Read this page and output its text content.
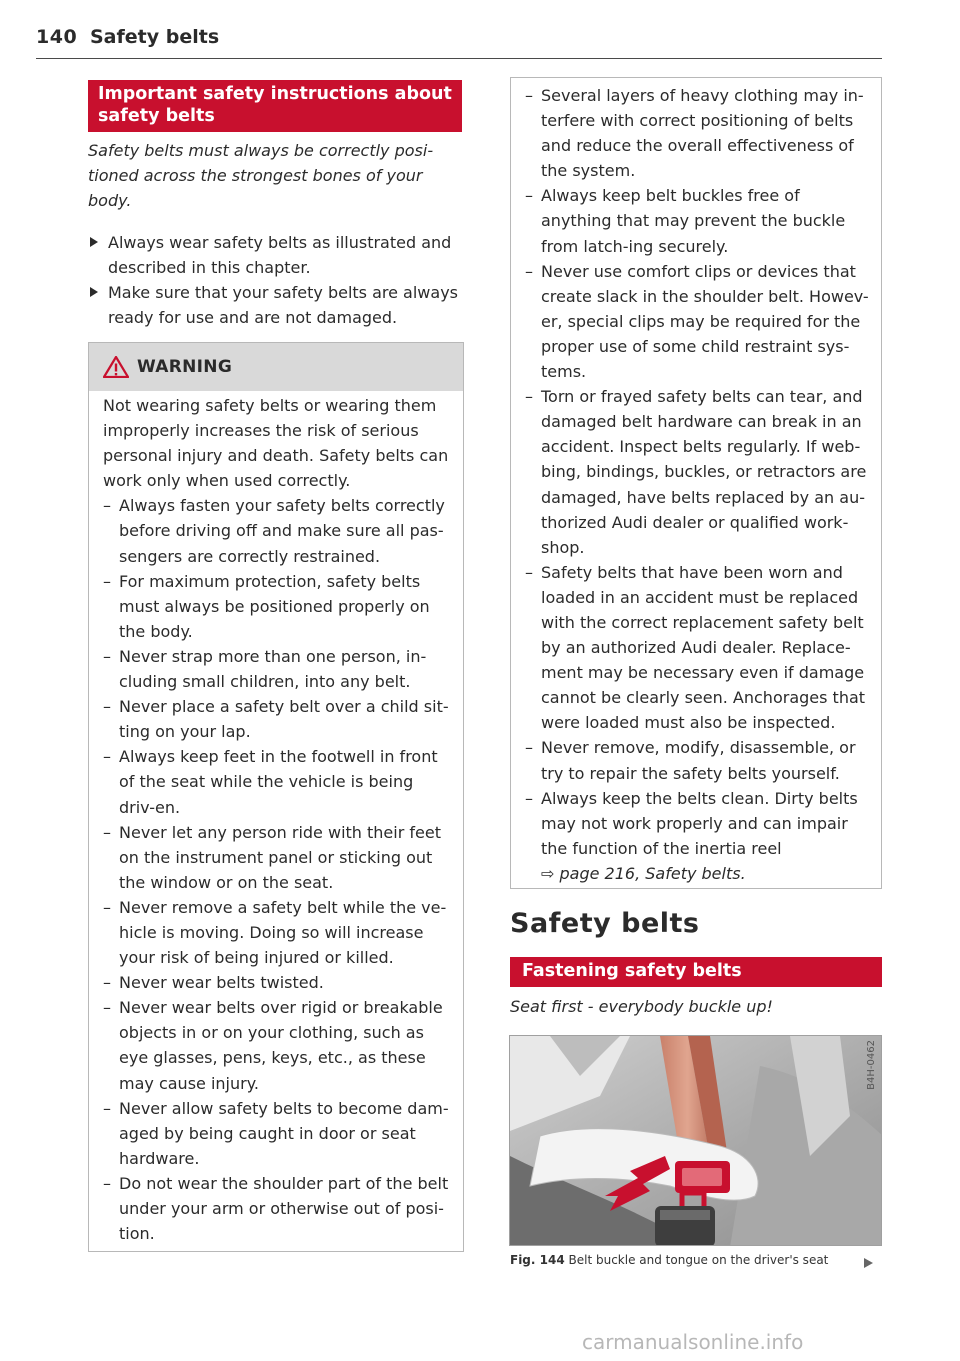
140 Safety belts
Important safety instructions about safety belts

Safety belts must always be correctly posi-tioned across the strongest bones of your body.

Always wear safety belts as illustrated and described in this chapter.
Make sure that your safety belts are always ready for use and are not damaged.
WARNING

Not wearing safety belts or wearing them improperly increases the risk of serious personal injury and death. Safety belts can work only when used correctly.

– Always fasten your safety belts correctly before driving off and make sure all pas-sengers are correctly restrained.
– For maximum protection, safety belts must always be positioned properly on the body.
– Never strap more than one person, in-cluding small children, into any belt.
– Never place a safety belt over a child sit-ting on your lap.
– Always keep feet in the footwell in front of the seat while the vehicle is being driv-en.
– Never let any person ride with their feet on the instrument panel or sticking out the window or on the seat.
– Never remove a safety belt while the ve-hicle is moving. Doing so will increase your risk of being injured or killed.
– Never wear belts twisted.
– Never wear belts over rigid or breakable objects in or on your clothing, such as eye glasses, pens, keys, etc., as these may cause injury.
– Never allow safety belts to become dam-aged by being caught in door or seat hardware.
– Do not wear the shoulder part of the belt under your arm or otherwise out of posi-tion.
– Several layers of heavy clothing may in-terfere with correct positioning of belts and reduce the overall effectiveness of the system.
– Always keep belt buckles free of anything that may prevent the buckle from latch-ing securely.
– Never use comfort clips or devices that create slack in the shoulder belt. Howev-er, special clips may be required for the proper use of some child restraint sys-tems.
– Torn or frayed safety belts can tear, and damaged belt hardware can break in an accident. Inspect belts regularly. If web-bing, bindings, buckles, or retractors are damaged, have belts replaced by an au-thorized Audi dealer or qualified work-shop.
– Safety belts that have been worn and loaded in an accident must be replaced with the correct replacement safety belt by an authorized Audi dealer. Replace-ment may be necessary even if damage cannot be clearly seen. Anchorages that were loaded must also be inspected.
– Never remove, modify, disassemble, or try to repair the safety belts yourself.
– Always keep the belts clean. Dirty belts may not work properly and can impair the function of the inertia reel
⇨ page 216, Safety belts.
Safety belts
Fastening safety belts

Seat first - everybody buckle up!

B4H-0462
Fig. 144 Belt buckle and tongue on the driver's seat
carmanualsonline.info
